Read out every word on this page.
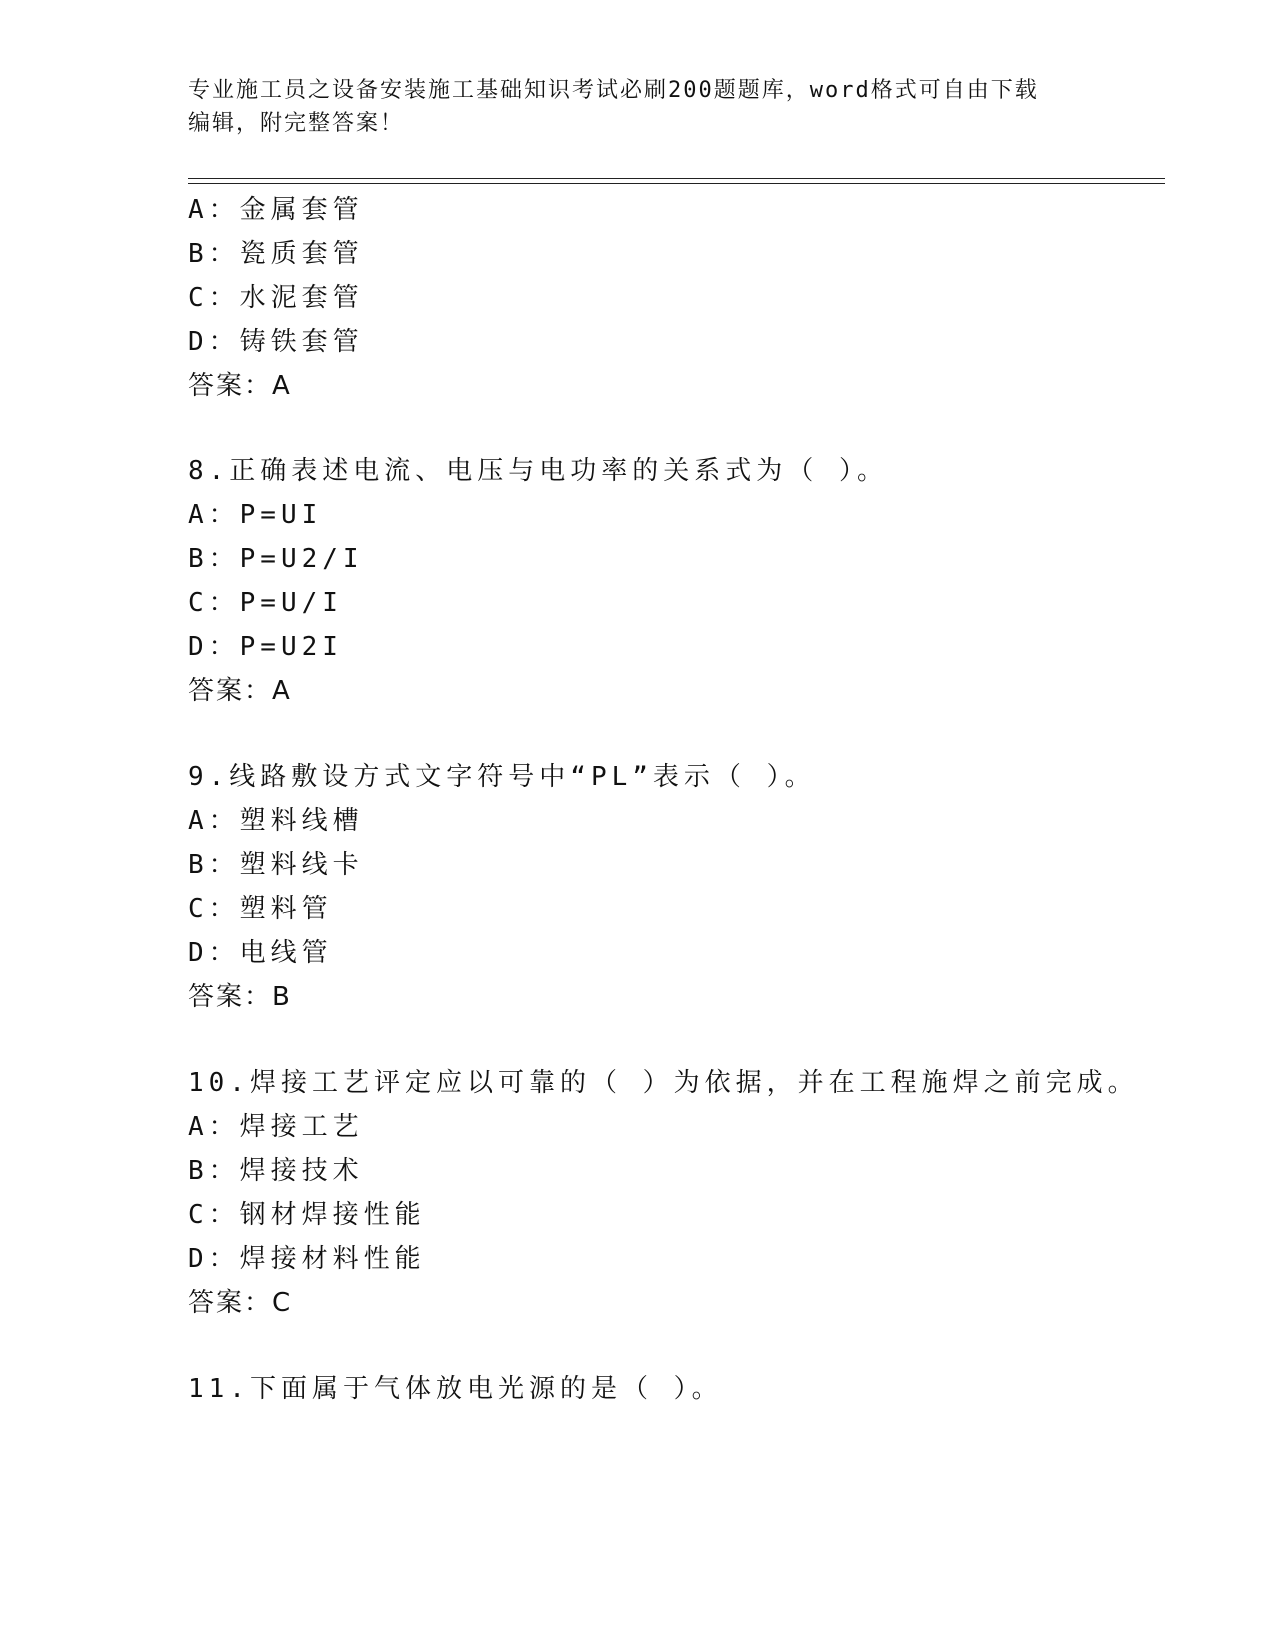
专业施工员之设备安装施工基础知识考试必刷200题题库，word格式可自由下载
编辑，附完整答案！
A：金属套管
B：瓷质套管
C：水泥套管
D：铸铁套管
答案：A
8.正确表述电流、电压与电功率的关系式为（ ）。
A：P=UI
B：P=U2/I
C：P=U/I
D：P=U2I
答案：A
9.线路敷设方式文字符号中“PL”表示（ ）。
A：塑料线槽
B：塑料线卡
C：塑料管
D：电线管
答案：B
10.焊接工艺评定应以可靠的（ ）为依据，并在工程施焊之前完成。
A：焊接工艺
B：焊接技术
C：钢材焊接性能
D：焊接材料性能
答案：C
11.下面属于气体放电光源的是（ ）。
